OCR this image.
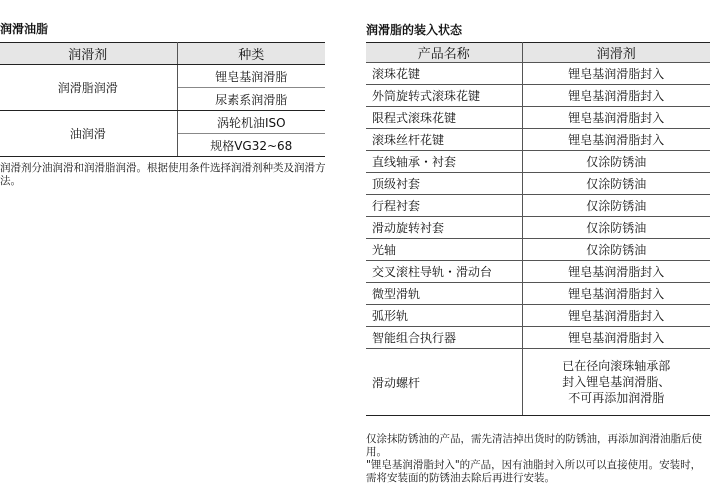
润滑油脂
润滑剂	种类
润滑脂润滑	锂皂基润滑脂
	尿素系润滑脂
油润滑	涡轮机油ISO
	规格VG32~68
润滑剂分油润滑和润滑脂润滑。根据使用条件选择润滑剂种类及润滑方法。
润滑脂的装入状态
产品名称	润滑剂
滚珠花键	锂皂基润滑脂封入
外筒旋转式滚珠花键	锂皂基润滑脂封入
限程式滚珠花键	锂皂基润滑脂封入
滚珠丝杆花键	锂皂基润滑脂封入
直线轴承・衬套	仅涂防锈油
顶级衬套	仅涂防锈油
行程衬套	仅涂防锈油
滑动旋转衬套	仅涂防锈油
光轴	仅涂防锈油
交叉滚柱导轨・滑动台	锂皂基润滑脂封入
微型滑轨	锂皂基润滑脂封入
弧形轨	锂皂基润滑脂封入
智能组合执行器	锂皂基润滑脂封入
滑动螺杆	已在径向滚珠轴承部
封入锂皂基润滑脂、
不可再添加润滑脂

仅涂抹防锈油的产品，需先清洁掉出货时的防锈油，再添加润滑油脂后使用。

"锂皂基润滑脂封入"的产品，因有油脂封入所以可以直接使用。安装时，需将安装面的防锈油去除后再进行安装。
